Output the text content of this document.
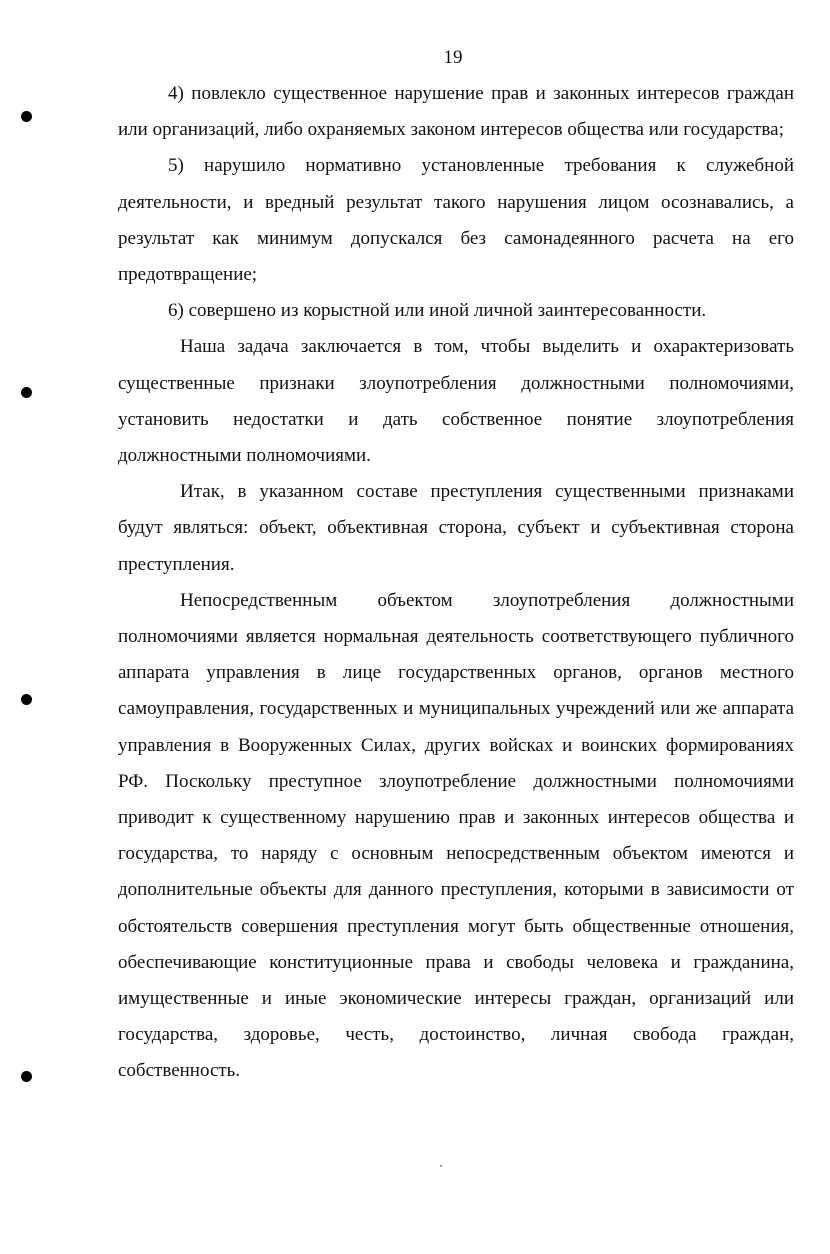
19

4) повлекло существенное нарушение прав и законных интересов граждан или организаций, либо охраняемых законом интересов общества или государства;

5) нарушило нормативно установленные требования к служебной деятельности, и вредный результат такого нарушения лицом осознавались, а результат как минимум допускался без самонадеянного расчета на его предотвращение;

6) совершено из корыстной или иной личной заинтересованности.

Наша задача заключается в том, чтобы выделить и охарактеризовать существенные признаки злоупотребления должностными полномочиями, установить недостатки и дать собственное понятие злоупотребления должностными полномочиями.

Итак, в указанном составе преступления существенными признаками будут являться: объект, объективная сторона, субъект и субъективная сторона преступления.

Непосредственным объектом злоупотребления должностными полномочиями является нормальная деятельность соответствующего публичного аппарата управления в лице государственных органов, органов местного самоуправления, государственных и муниципальных учреждений или же аппарата управления в Вооруженных Силах, других войсках и воинских формированиях РФ. Поскольку преступное злоупотребление должностными полномочиями приводит к существенному нарушению прав и законных интересов общества и государства, то наряду с основным непосредственным объектом имеются и дополнительные объекты для данного преступления, которыми в зависимости от обстоятельств совершения преступления могут быть общественные отношения, обеспечивающие конституционные права и свободы человека и гражданина, имущественные и иные экономические интересы граждан, организаций или государства, здоровье, честь, достоинство, личная свобода граждан, собственность.
